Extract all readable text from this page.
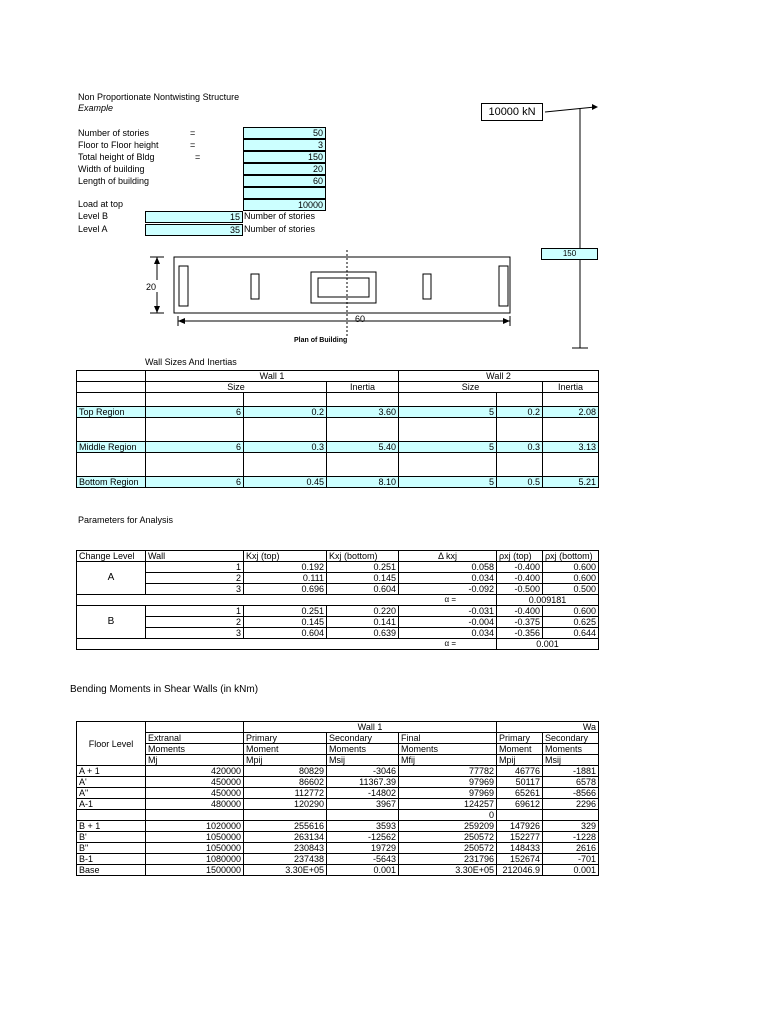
Non Proportionate Nontwisting Structure
Example
Number of stories	=	50
Floor to Floor height	=	3
Total height of Bldg	=	150
Width of building	20
Length of building	60
Load at top	10000
Level B	15 Number of stories
Level A	35 Number of stories
10000 kN
150
20
60
Plan of Building
Wall Sizes And Inertias
	Wall 1			Wall 2		
	Size		Inertia	Size		Inertia

Top Region	6	0.2	3.60	5	0.2	2.08

Middle Region	6	0.3	5.40	5	0.3	3.13

Bottom Region	6	0.45	8.10	5	0.5	5.21
Parameters for Analysis
Change Level	Wall	Kxj (top)	Kxj (bottom)	Δ kxj	ρxj (top)	ρxj (bottom)
A	1	0.192	0.251	0.058	-0.400	0.600
	2	0.111	0.145	0.034	-0.400	0.600
	3	0.696	0.604	-0.092	-0.500	0.500
α =					0.009181	
B	1	0.251	0.220	-0.031	-0.400	0.600
	2	0.145	0.141	-0.004	-0.375	0.625
	3	0.604	0.639	0.034	-0.356	0.644
α =					0.001	
Bending Moments in Shear Walls (in kNm)
Floor Level		Wall 1			Wa	
	Extranal	Primary	Secondary	Final	Primary	Secondary
	Moments	Moment	Moments	Moments	Moment	Moments
	Mj	Mpij	Msij	Mfij	Mpij	Msij
A + 1	420000	80829	-3046	77782	46776	-1881
A'	450000	86602	11367.39	97969	50117	6578
A"	450000	112772	-14802	97969	65261	-8566
A-1	480000	120290	3967	124257	69612	2296
				0		
B + 1	1020000	255616	3593	259209	147926	329
B'	1050000	263134	-12562	250572	152277	-1228
B"	1050000	230843	19729	250572	148433	2616
B-1	1080000	237438	-5643	231796	152674	-701
Base	1500000	3.30E+05	0.001	3.30E+05	212046.9	0.001
